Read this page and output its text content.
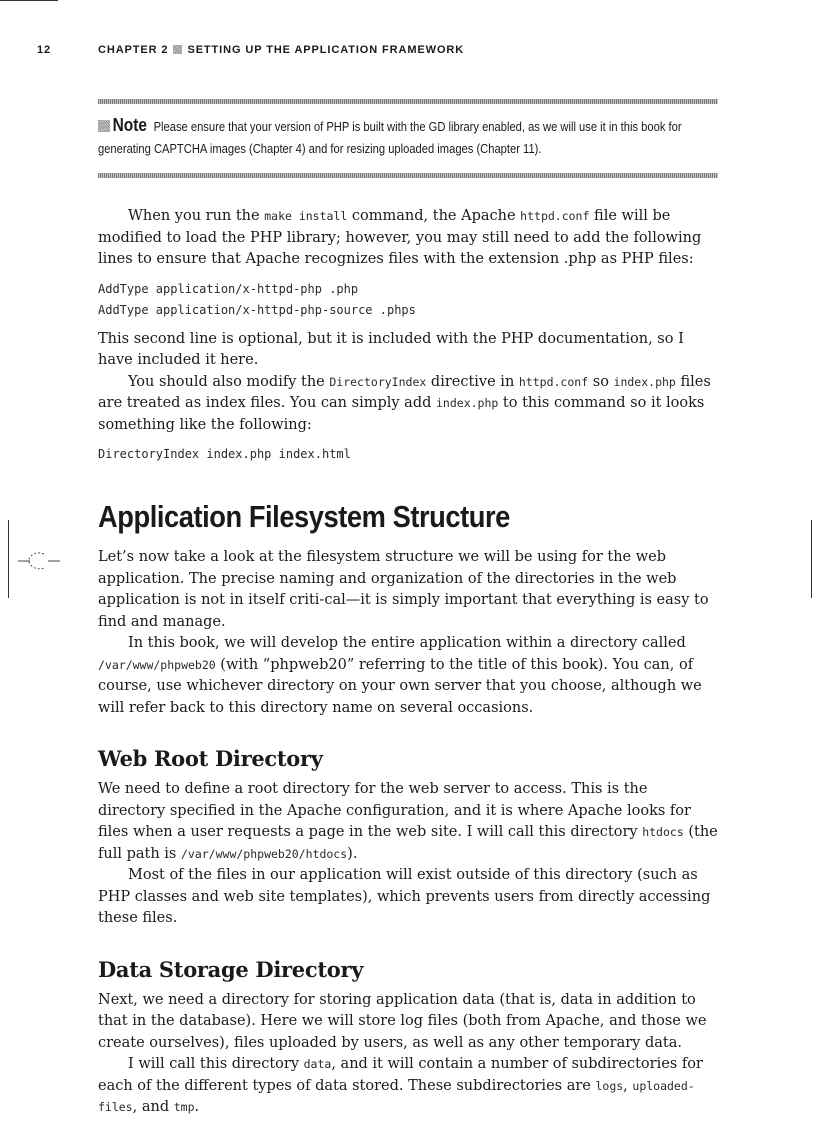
12	CHAPTER 2 SETTING UP THE APPLICATION FRAMEWORK
Note Please ensure that your version of PHP is built with the GD library enabled, as we will use it in this book for generating CAPTCHA images (Chapter 4) and for resizing uploaded images (Chapter 11).

When you run the make install command, the Apache httpd.conf file will be modified to load the PHP library; however, you may still need to add the following lines to ensure that Apache recognizes files with the extension .php as PHP files:

AddType application/x-httpd-php .php
AddType application/x-httpd-php-source .phps

This second line is optional, but it is included with the PHP documentation, so I have included it here.

You should also modify the DirectoryIndex directive in httpd.conf so index.php files are treated as index files. You can simply add index.php to this command so it looks something like the following:

DirectoryIndex index.php index.html
Application Filesystem Structure

Let’s now take a look at the filesystem structure we will be using for the web application. The precise naming and organization of the directories in the web application is not in itself criti-cal—it is simply important that everything is easy to find and manage.

In this book, we will develop the entire application within a directory called /var/www/phpweb20 (with “phpweb20” referring to the title of this book). You can, of course, use whichever directory on your own server that you choose, although we will refer back to this directory name on several occasions.

Web Root Directory

We need to define a root directory for the web server to access. This is the directory specified in the Apache configuration, and it is where Apache looks for files when a user requests a page in the web site. I will call this directory htdocs (the full path is /var/www/phpweb20/htdocs).

Most of the files in our application will exist outside of this directory (such as PHP classes and web site templates), which prevents users from directly accessing these files.

Data Storage Directory

Next, we need a directory for storing application data (that is, data in addition to that in the database). Here we will store log files (both from Apache, and those we create ourselves), files uploaded by users, as well as any other temporary data.

I will call this directory data, and it will contain a number of subdirectories for each of the different types of data stored. These subdirectories are logs, uploaded-files, and tmp.
